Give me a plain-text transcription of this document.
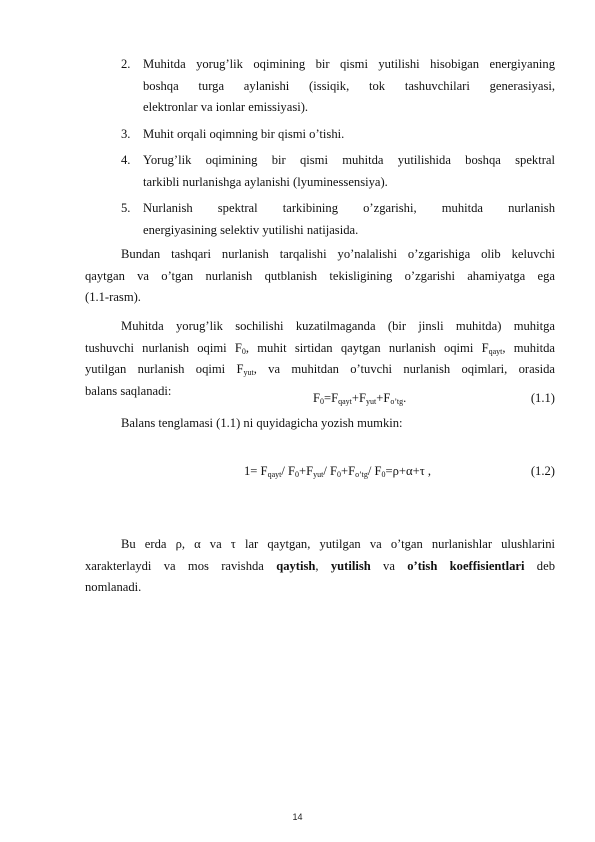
2. Muhitda yorug’lik oqimining bir qismi yutilishi hisobigan energiyaning
boshqa turga aylanishi (issiqik, tok tashuvchilari generasiyasi,
elektronlar va ionlar emissiyasi).
3. Muhit orqali oqimning bir qismi o’tishi.
4. Yorug’lik oqimining bir qismi muhitda yutilishida boshqa spektral
tarkibli nurlanishga aylanishi (lyuminessensiya).
5. Nurlanish spektral tarkibining o’zgarishi, muhitda nurlanish
energiyasining selektiv yutilishi natijasida.
Bundan tashqari nurlanish tarqalishi yo’nalalishi o’zgarishiga olib keluvchi
qaytgan va o’tgan nurlanish qutblanish tekisligining o’zgarishi ahamiyatga ega
(1.1-rasm).
Muhitda yorug’lik sochilishi kuzatilmaganda (bir jinsli muhitda) muhitga
tushuvchi nurlanish oqimi $F_0$, muhit sirtidan qaytgan nurlanish oqimi $F_{qayt}$, muhitda
yutilgan nurlanish oqimi $F_{yut}$, va muhitdan o’tuvchi nurlanish oqimlari, orasida
balans saqlanadi:
$F_0=F_{qayt}+F_{yut}+F_{o’tg}$.	(1.1)
Balans tenglamasi (1.1) ni quyidagicha yozish mumkin:
$1= F_{qayt}/$ $F_0+F_{yut}/$ $F_0+F_{o’tg}/$ $F_0=\rho+\alpha+\tau$ ,	(1.2)
Bu erda ρ, α va τ lar qaytgan, yutilgan va o’tgan nurlanishlar ulushlarini
xarakterlaydi va mos ravishda qaytish, yutilish va o’tish koeffisientlari deb
nomlanadi.
14
